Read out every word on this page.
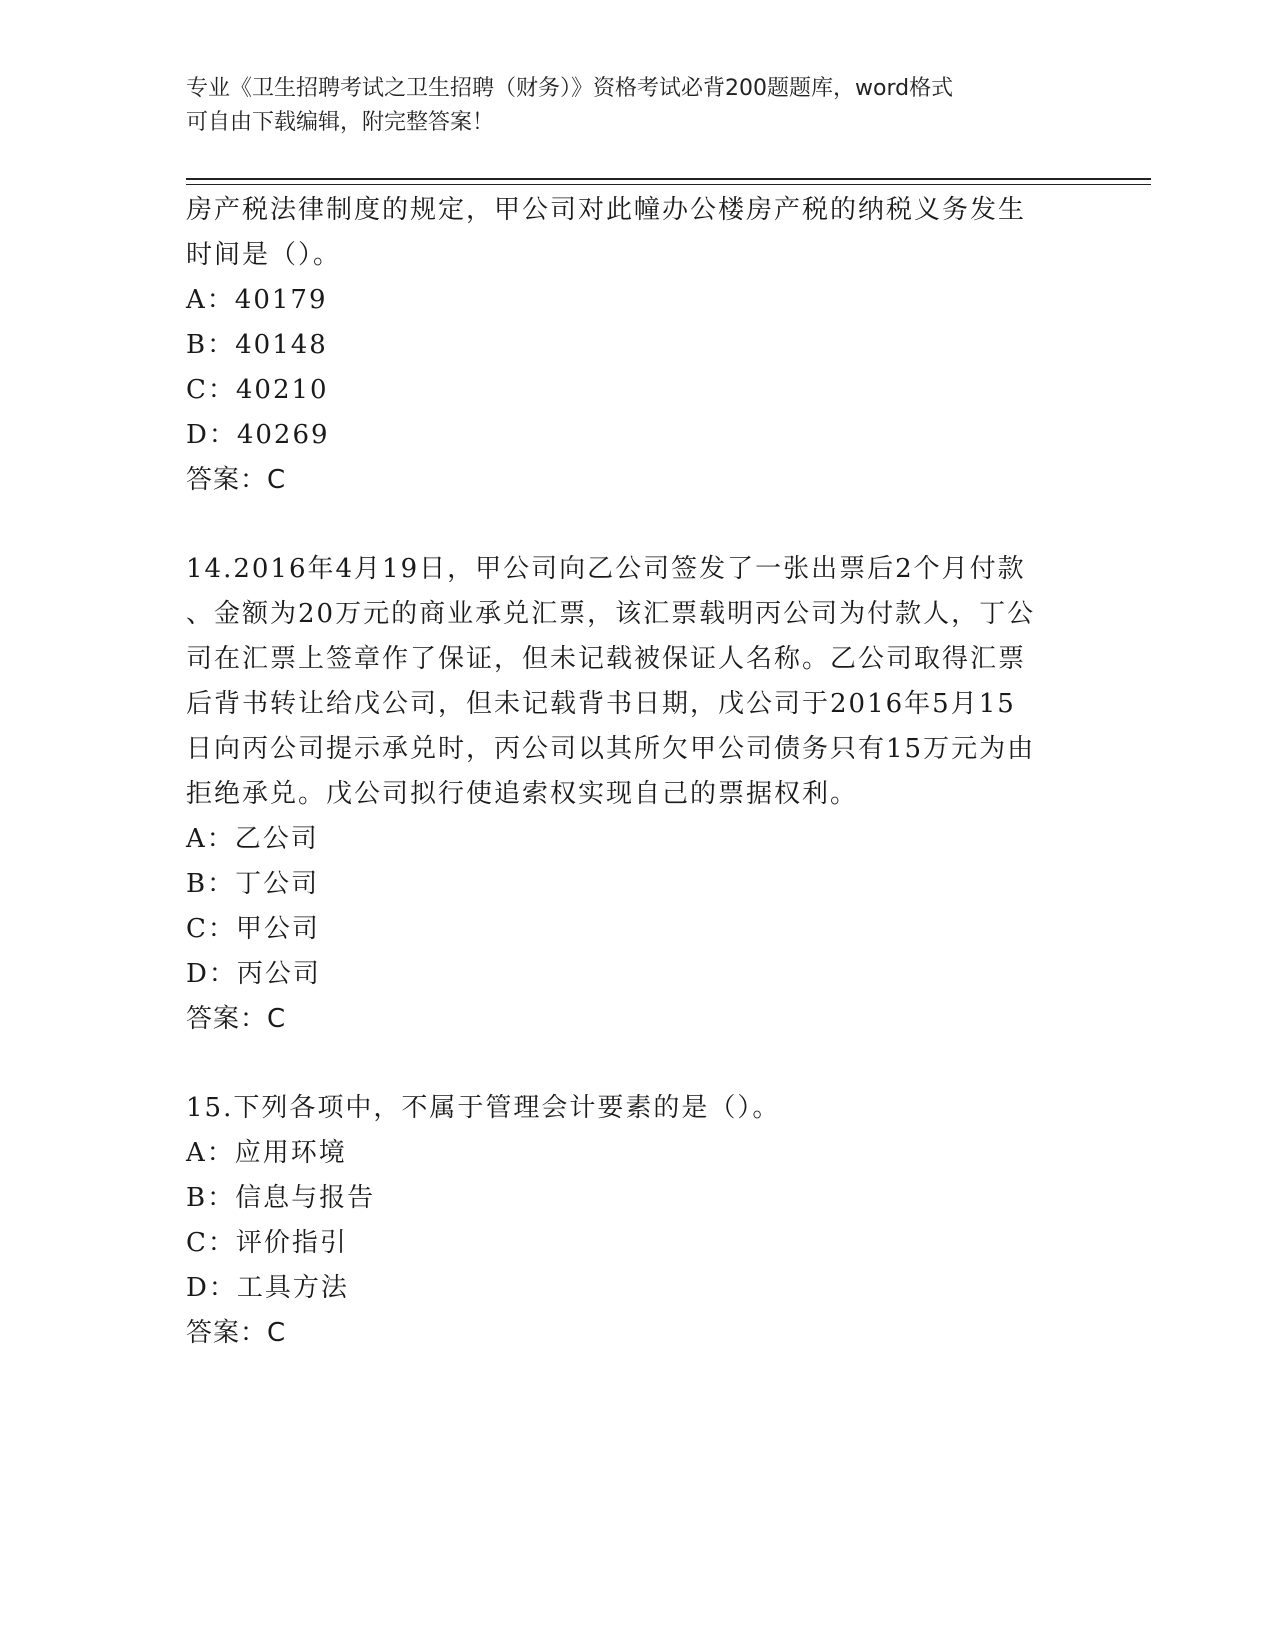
专业《卫生招聘考试之卫生招聘（财务）》资格考试必背200题题库，word格式
可自由下载编辑，附完整答案！
房产税法律制度的规定，甲公司对此幢办公楼房产税的纳税义务发生
时间是（）。
A：40179
B：40148
C：40210
D：40269
答案：C
14.2016年4月19日，甲公司向乙公司签发了一张出票后2个月付款
、金额为20万元的商业承兑汇票，该汇票载明丙公司为付款人，丁公
司在汇票上签章作了保证，但未记载被保证人名称。乙公司取得汇票
后背书转让给戊公司，但未记载背书日期，戊公司于2016年5月15
日向丙公司提示承兑时，丙公司以其所欠甲公司债务只有15万元为由
拒绝承兑。戊公司拟行使追索权实现自己的票据权利。
A：乙公司
B：丁公司
C：甲公司
D：丙公司
答案：C
15.下列各项中，不属于管理会计要素的是（）。
A：应用环境
B：信息与报告
C：评价指引
D：工具方法
答案：C
